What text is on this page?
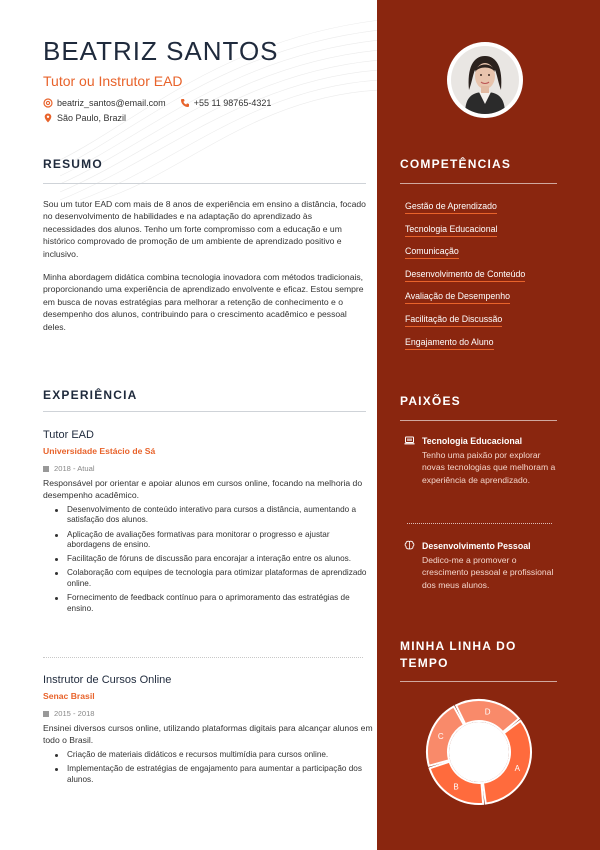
BEATRIZ SANTOS
Tutor ou Instrutor EAD
beatriz_santos@email.com	+55 11 98765-4321
São Paulo, Brazil
RESUMO

Sou um tutor EAD com mais de 8 anos de experiência em ensino a distância, focado no desenvolvimento de habilidades e na adaptação do aprendizado às necessidades dos alunos. Tenho um forte compromisso com a educação e um histórico comprovado de promoção de um ambiente de aprendizado positivo e inclusivo.

Minha abordagem didática combina tecnologia inovadora com métodos tradicionais, proporcionando uma experiência de aprendizado envolvente e eficaz. Estou sempre em busca de novas estratégias para melhorar a retenção de conhecimento e o desempenho dos alunos, contribuindo para o crescimento acadêmico e pessoal deles.

EXPERIÊNCIA
Tutor EAD
Universidade Estácio de Sá
2018 - Atual
Responsável por orientar e apoiar alunos em cursos online, focando na melhoria do desempenho acadêmico.
Desenvolvimento de conteúdo interativo para cursos a distância, aumentando a satisfação dos alunos.
Aplicação de avaliações formativas para monitorar o progresso e ajustar abordagens de ensino.
Facilitação de fóruns de discussão para encorajar a interação entre os alunos.
Colaboração com equipes de tecnologia para otimizar plataformas de aprendizado online.
Fornecimento de feedback contínuo para o aprimoramento das estratégias de ensino.
Instrutor de Cursos Online
Senac Brasil
2015 - 2018
Ensinei diversos cursos online, utilizando plataformas digitais para alcançar alunos em todo o Brasil.
Criação de materiais didáticos e recursos multimídia para cursos online.
Implementação de estratégias de engajamento para aumentar a participação dos alunos.
COMPETÊNCIAS
Gestão de Aprendizado
Tecnologia Educacional
Comunicação
Desenvolvimento de Conteúdo
Avaliação de Desempenho
Facilitação de Discussão
Engajamento do Aluno
PAIXÕES
Tecnologia Educacional
Tenho uma paixão por explorar novas tecnologias que melhoram a experiência de aprendizado.
Desenvolvimento Pessoal
Dedico-me a promover o crescimento pessoal e profissional dos meus alunos.
MINHA LINHA DO
TEMPO
A
B
C
D
